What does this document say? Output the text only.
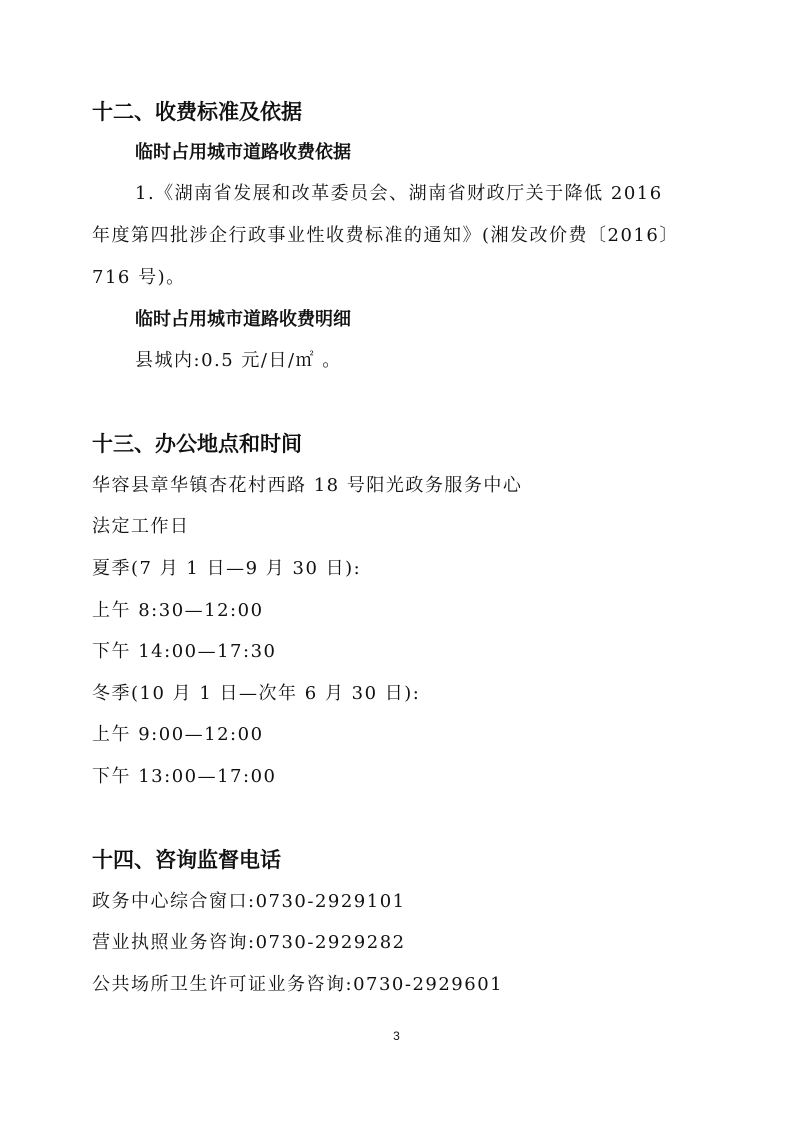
十二、收费标准及依据
临时占用城市道路收费依据
1.《湖南省发展和改革委员会、湖南省财政厅关于降低 2016
年度第四批涉企行政事业性收费标准的通知》(湘发改价费〔2016〕
716 号)。
临时占用城市道路收费明细
县城内:0.5 元/日/㎡ 。
十三、办公地点和时间
华容县章华镇杏花村西路 18 号阳光政务服务中心
法定工作日
夏季(7 月 1 日—9 月 30 日):
上午 8:30—12:00
下午 14:00—17:30
冬季(10 月 1 日—次年 6 月 30 日):
上午 9:00—12:00
下午 13:00—17:00
十四、咨询监督电话
政务中心综合窗口:0730-2929101
营业执照业务咨询:0730-2929282
公共场所卫生许可证业务咨询:0730-2929601
3
